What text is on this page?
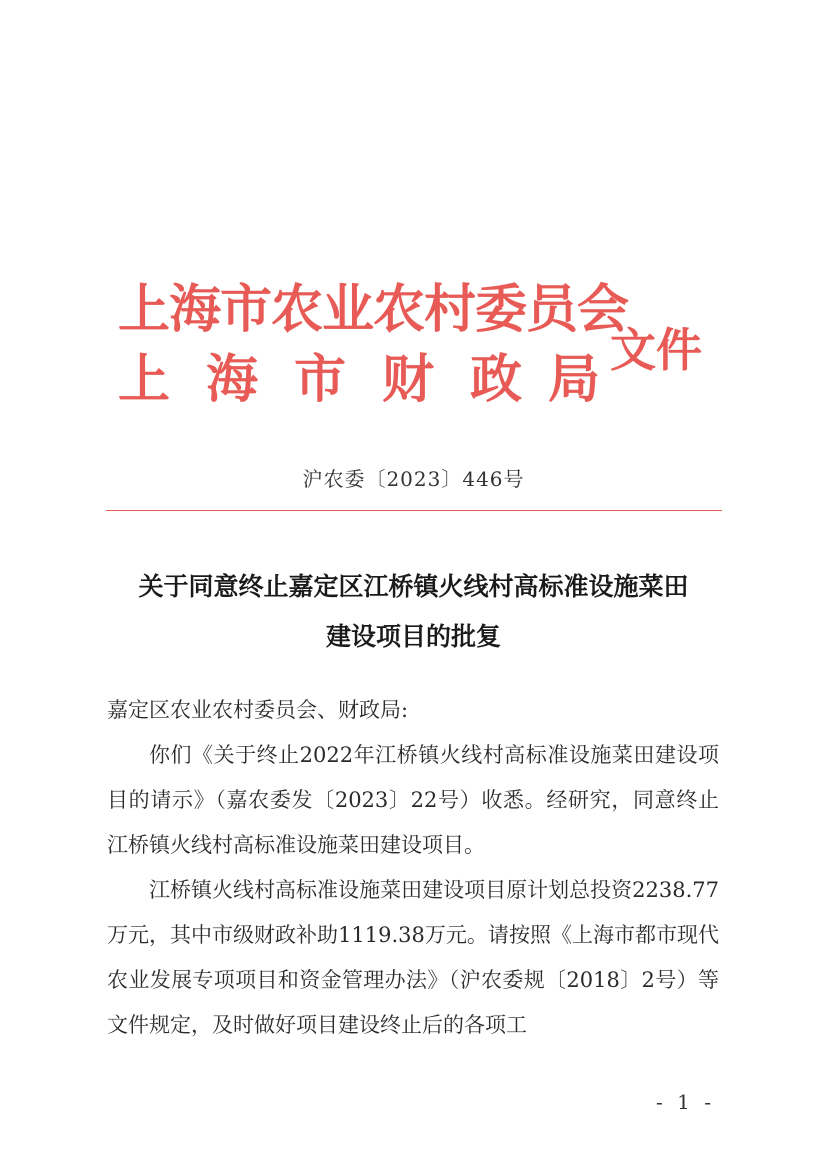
上海市农业农村委员会
上 海 市 财 政 局 文件
沪农委〔2023〕446号
关于同意终止嘉定区江桥镇火线村高标准设施菜田
建设项目的批复

嘉定区农业农村委员会、财政局:

你们《关于终止2022年江桥镇火线村高标准设施菜田建设项目的请示》（嘉农委发〔2023〕22号）收悉。经研究，同意终止江桥镇火线村高标准设施菜田建设项目。

江桥镇火线村高标准设施菜田建设项目原计划总投资2238.77万元，其中市级财政补助1119.38万元。请按照《上海市都市现代农业发展专项项目和资金管理办法》（沪农委规〔2018〕2号）等文件规定，及时做好项目建设终止后的各项工

- 1 -
